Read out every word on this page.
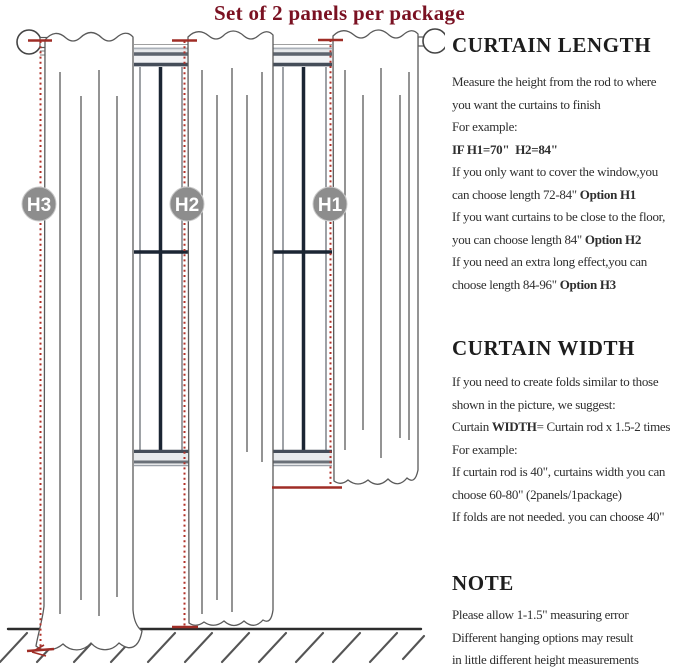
Set of 2 panels per package
H3	H2	H1
CURTAIN LENGTH

Measure the height from the rod to where

you want the curtains to finish

For example:

IF H1=70"  H2=84"

If you only want to cover the window,you

can choose length 72-84" Option H1

If you want curtains to be close to the floor,

you can choose length 84" Option H2

If you need an extra long effect,you can

choose length 84-96" Option H3

CURTAIN WIDTH

If you need to create folds similar to those

shown in the picture, we suggest:

Curtain WIDTH= Curtain rod x 1.5-2 times

For example:

If curtain rod is 40", curtains width you can

choose 60-80" (2panels/1package)

If folds are not needed. you can choose 40"

NOTE

Please allow 1-1.5" measuring error

Different hanging options may result

in little different height measurements
